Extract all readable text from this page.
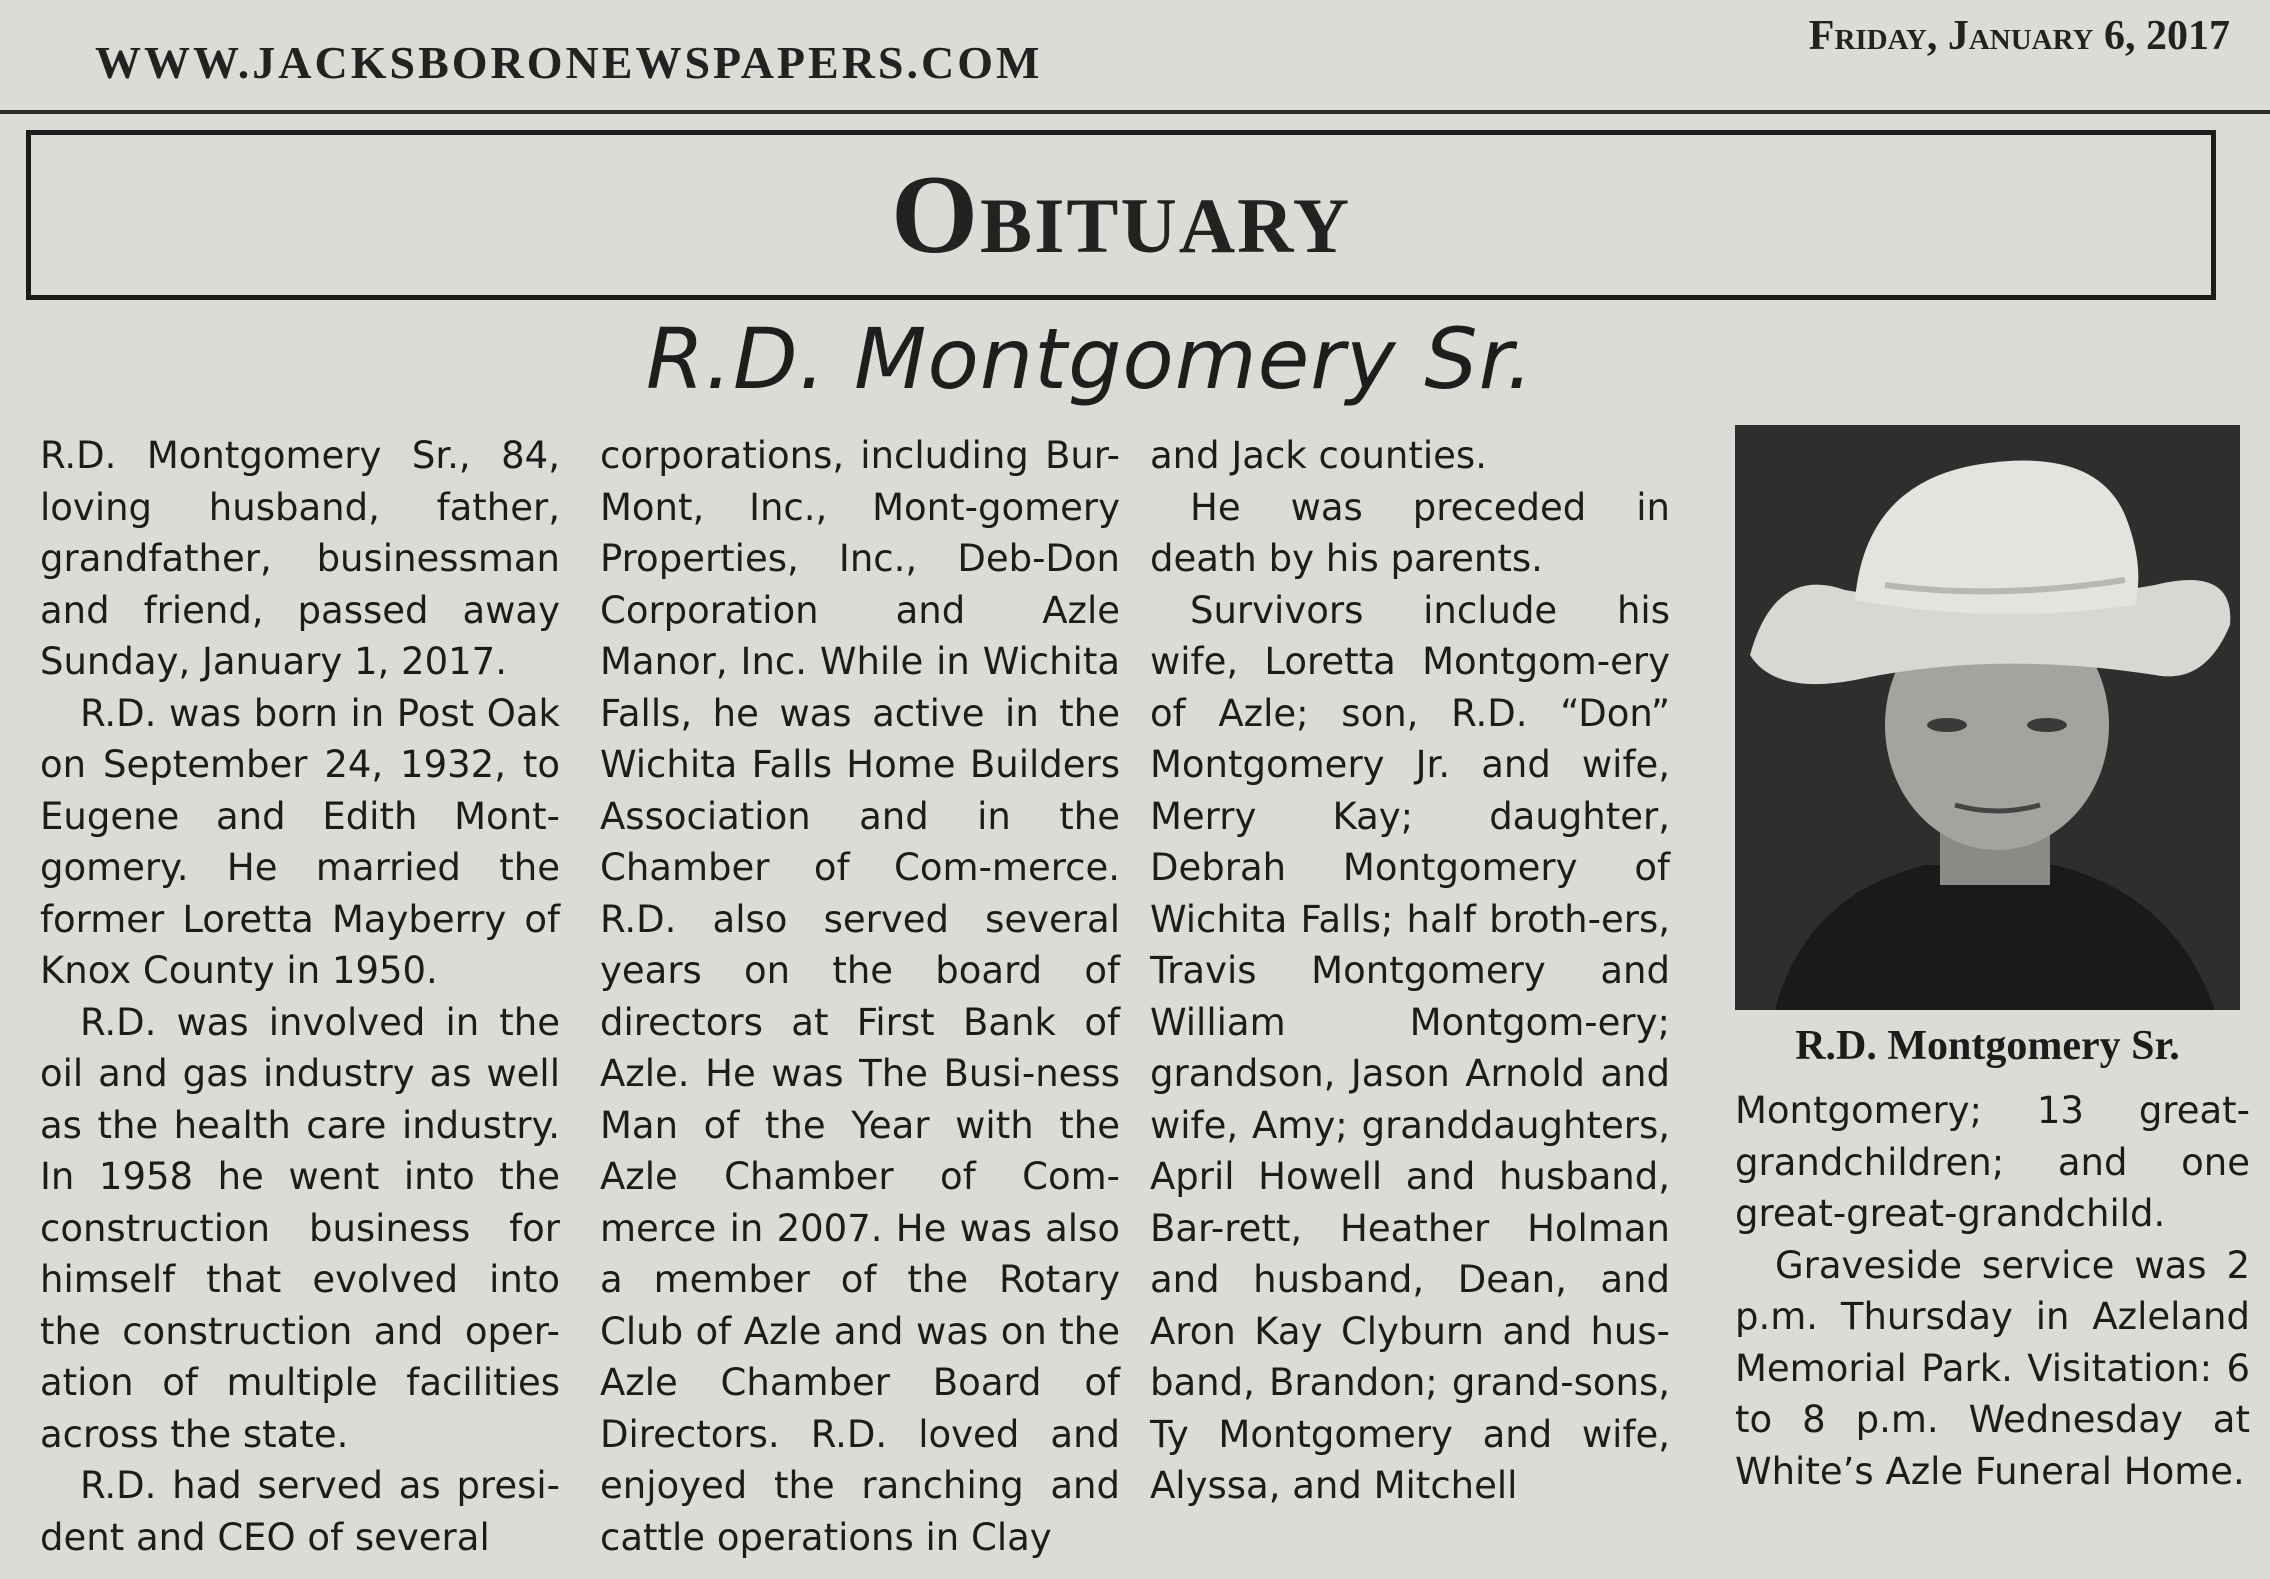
WWW.JACKSBORONEWSPAPERS.COM
Friday, January 6, 2017
Obituary
R.D. Montgomery Sr.

R.D. Montgomery Sr., 84, loving husband, father, grandfather, businessman and friend, passed away Sunday, January 1, 2017.

R.D. was born in Post Oak on September 24, 1932, to Eugene and Edith Mont-gomery. He married the former Loretta Mayberry of Knox County in 1950.

R.D. was involved in the oil and gas industry as well as the health care industry. In 1958 he went into the construction business for himself that evolved into the construction and oper-ation of multiple facilities across the state.

R.D. had served as presi-dent and CEO of several

corporations, including Bur-Mont, Inc., Mont-gomery Properties, Inc., Deb-Don Corporation and Azle Manor, Inc. While in Wichita Falls, he was active in the Wichita Falls Home Builders Association and in the Chamber of Com-merce. R.D. also served several years on the board of directors at First Bank of Azle. He was The Busi-ness Man of the Year with the Azle Chamber of Com-merce in 2007. He was also a member of the Rotary Club of Azle and was on the Azle Chamber Board of Directors. R.D. loved and enjoyed the ranching and cattle operations in Clay

and Jack counties.

He was preceded in death by his parents.

Survivors include his wife, Loretta Montgom-ery of Azle; son, R.D. “Don” Montgomery Jr. and wife, Merry Kay; daughter, Debrah Montgomery of Wichita Falls; half broth-ers, Travis Montgomery and William Montgom-ery; grandson, Jason Arnold and wife, Amy; granddaughters, April Howell and husband, Bar-rett, Heather Holman and husband, Dean, and Aron Kay Clyburn and hus-band, Brandon; grand-sons, Ty Montgomery and wife, Alyssa, and Mitchell

R.D. Montgomery Sr.

Montgomery; 13 great-grandchildren; and one great-great-grandchild.

Graveside service was 2 p.m. Thursday in Azleland Memorial Park. Visitation: 6 to 8 p.m. Wednesday at White’s Azle Funeral Home.
